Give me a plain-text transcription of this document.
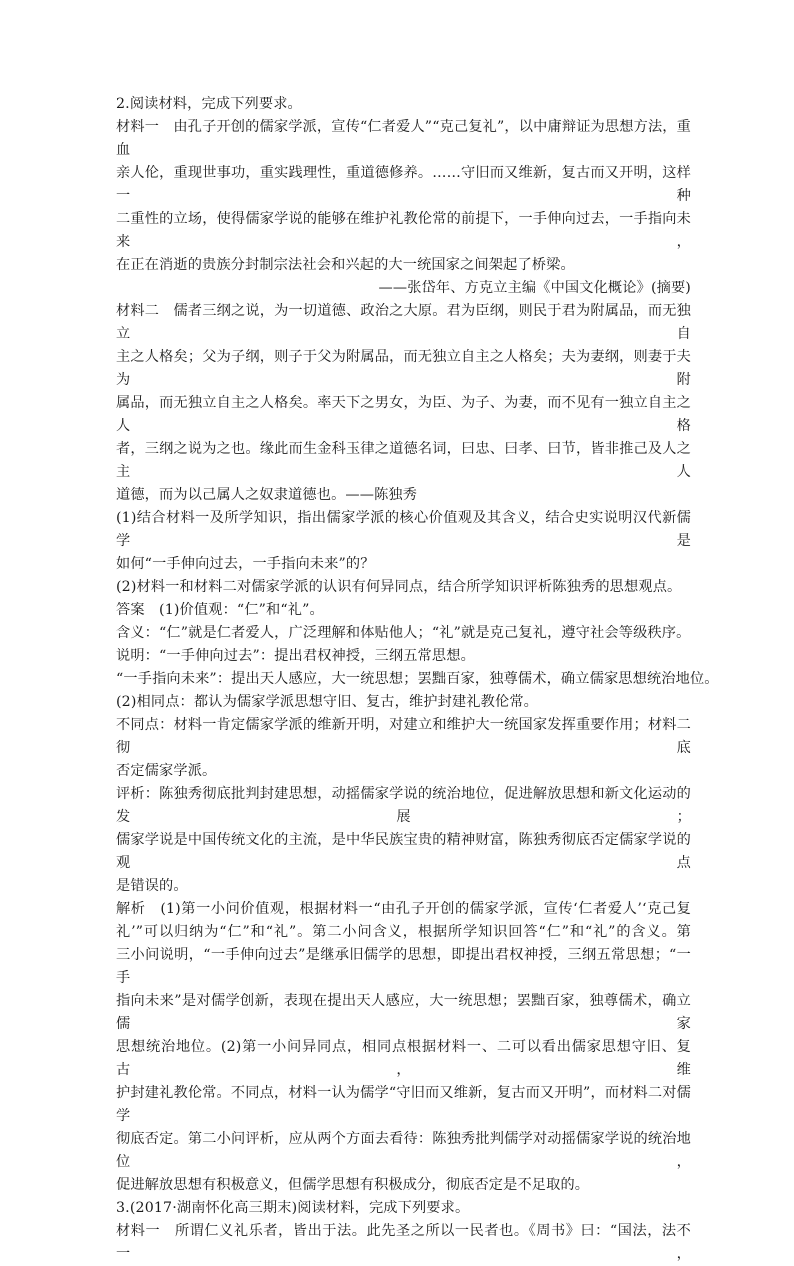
2.阅读材料，完成下列要求。
材料一　由孔子开创的儒家学派，宣传“仁者爱人”“克己复礼”，以中庸辩证为思想方法，重血
亲人伦，重现世事功，重实践理性，重道德修养。……守旧而又维新，复古而又开明，这样一种
二重性的立场，使得儒家学说的能够在维护礼教伦常的前提下，一手伸向过去，一手指向未来，
在正在消逝的贵族分封制宗法社会和兴起的大一统国家之间架起了桥梁。
——张岱年、方克立主编《中国文化概论》(摘要)
材料二　儒者三纲之说，为一切道德、政治之大原。君为臣纲，则民于君为附属品，而无独立自
主之人格矣；父为子纲，则子于父为附属品，而无独立自主之人格矣；夫为妻纲，则妻于夫为附
属品，而无独立自主之人格矣。率天下之男女，为臣、为子、为妻，而不见有一独立自主之人格
者，三纲之说为之也。缘此而生金科玉律之道德名词，曰忠、曰孝、曰节，皆非推己及人之主人
道德，而为以己属人之奴隶道德也。——陈独秀
(1)结合材料一及所学知识，指出儒家学派的核心价值观及其含义，结合史实说明汉代新儒学是
如何“一手伸向过去，一手指向未来”的？
(2)材料一和材料二对儒家学派的认识有何异同点，结合所学知识评析陈独秀的思想观点。
答案　(1)价值观：“仁”和“礼”。
含义：“仁”就是仁者爱人，广泛理解和体贴他人；“礼”就是克己复礼，遵守社会等级秩序。
说明：“一手伸向过去”：提出君权神授，三纲五常思想。
“一手指向未来”：提出天人感应，大一统思想；罢黜百家，独尊儒术，确立儒家思想统治地位。
(2)相同点：都认为儒家学派思想守旧、复古，维护封建礼教伦常。
不同点：材料一肯定儒家学派的维新开明，对建立和维护大一统国家发挥重要作用；材料二彻底
否定儒家学派。
评析：陈独秀彻底批判封建思想，动摇儒家学说的统治地位，促进解放思想和新文化运动的发展；
儒家学说是中国传统文化的主流，是中华民族宝贵的精神财富，陈独秀彻底否定儒家学说的观点
是错误的。
解析　(1)第一小问价值观，根据材料一“由孔子开创的儒家学派，宣传‘仁者爱人’‘克己复
礼’”可以归纳为“仁”和“礼”。第二小问含义，根据所学知识回答“仁”和“礼”的含义。第
三小问说明，“一手伸向过去”是继承旧儒学的思想，即提出君权神授，三纲五常思想；“一手
指向未来”是对儒学创新，表现在提出天人感应，大一统思想；罢黜百家，独尊儒术，确立儒家
思想统治地位。(2)第一小问异同点，相同点根据材料一、二可以看出儒家思想守旧、复古，维
护封建礼教伦常。不同点，材料一认为儒学“守旧而又维新，复古而又开明”，而材料二对儒学
彻底否定。第二小问评析，应从两个方面去看待：陈独秀批判儒学对动摇儒家学说的统治地位，
促进解放思想有积极意义，但儒学思想有积极成分，彻底否定是不足取的。
3.(2017·湖南怀化高三期末)阅读材料，完成下列要求。
材料一　所谓仁义礼乐者，皆出于法。此先圣之所以一民者也。《周书》曰：“国法，法不一，
